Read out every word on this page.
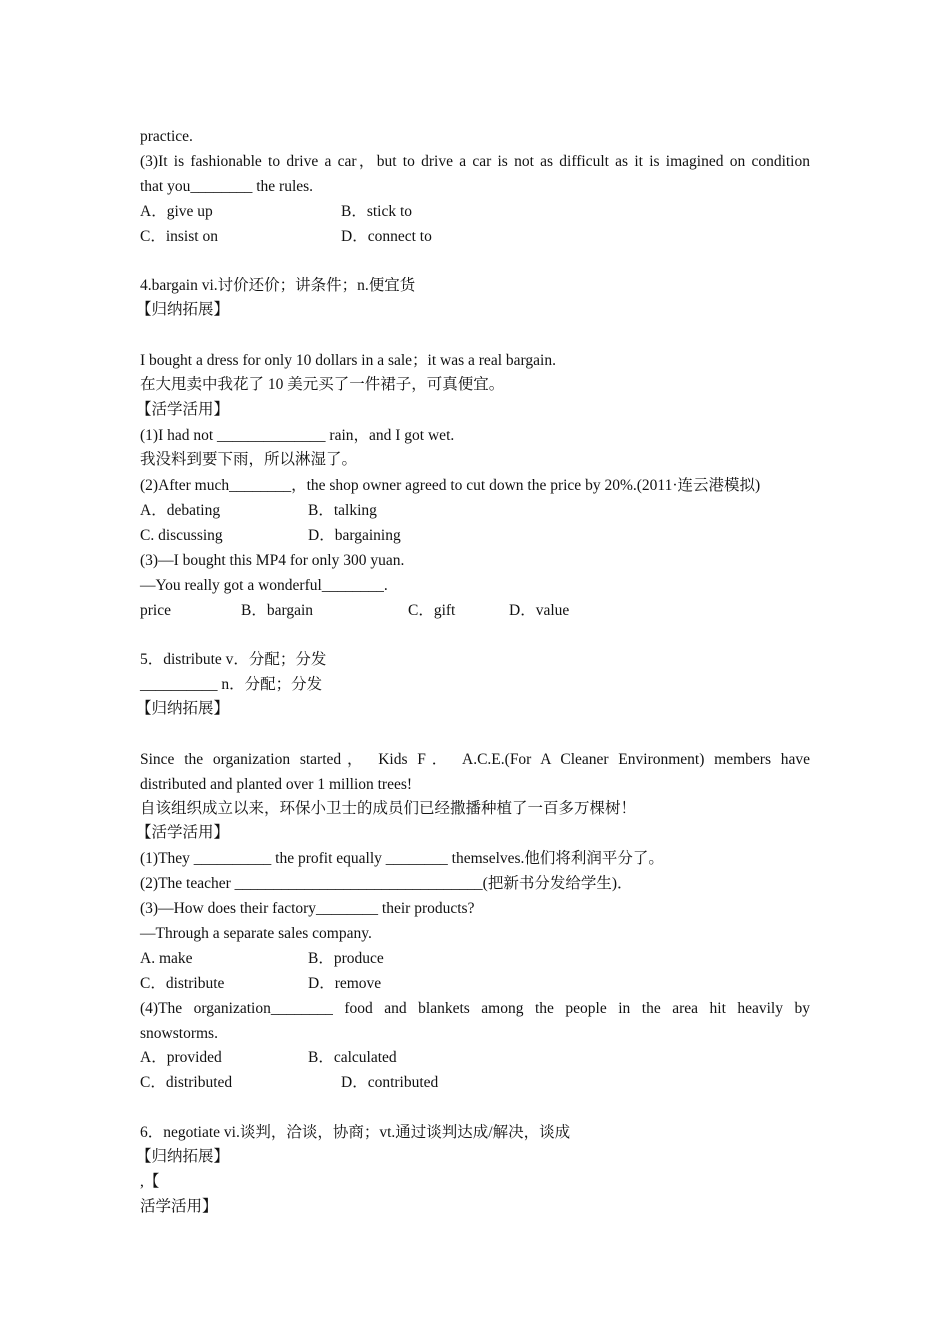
practice.
(3)It is fashionable to drive a car，but to drive a car is not as difficult as it is imagined on condition
that you________ the rules.
A．give up	B．stick to
C．insist on	D．connect to
4.bargain vi.讨价还价；讲条件；n.便宜货
【归纳拓展】
I bought a dress for only 10 dollars in a sale；it was a real bargain.
在大甩卖中我花了 10 美元买了一件裙子，可真便宜。
【活学活用】
(1)I had not ______________ rain，and I got wet.
我没料到要下雨，所以淋湿了。
(2)After much________，the shop owner agreed to cut down the price by 20%.(2011·连云港模拟)
A．debating	B．talking
C. discussing	D．bargaining
(3)—I bought this MP4 for only 300 yuan.
—You really got a wonderful________.
price	B．bargain	C．gift	D．value
5．distribute v．分配；分发
__________ n．分配；分发
【归纳拓展】
Since the organization started， Kids F． A.C.E.(For A Cleaner Environment) members have
distributed and planted over 1 million trees!
自该组织成立以来，环保小卫士的成员们已经撒播种植了一百多万棵树！
【活学活用】
(1)They __________ the profit equally ________ themselves.他们将利润平分了。
(2)The teacher ________________________________(把新书分发给学生)．
(3)—How does their factory________ their products?
—Through a separate sales company.
A. make	B．produce
C．distribute	D．remove
(4)The organization________ food and blankets among the people in the area hit heavily by
snowstorms.
A．provided	B．calculated
C．distributed	D．contributed
6．negotiate vi.谈判，洽谈，协商；vt.通过谈判达成/解决，谈成
【归纳拓展】
,【
活学活用】
